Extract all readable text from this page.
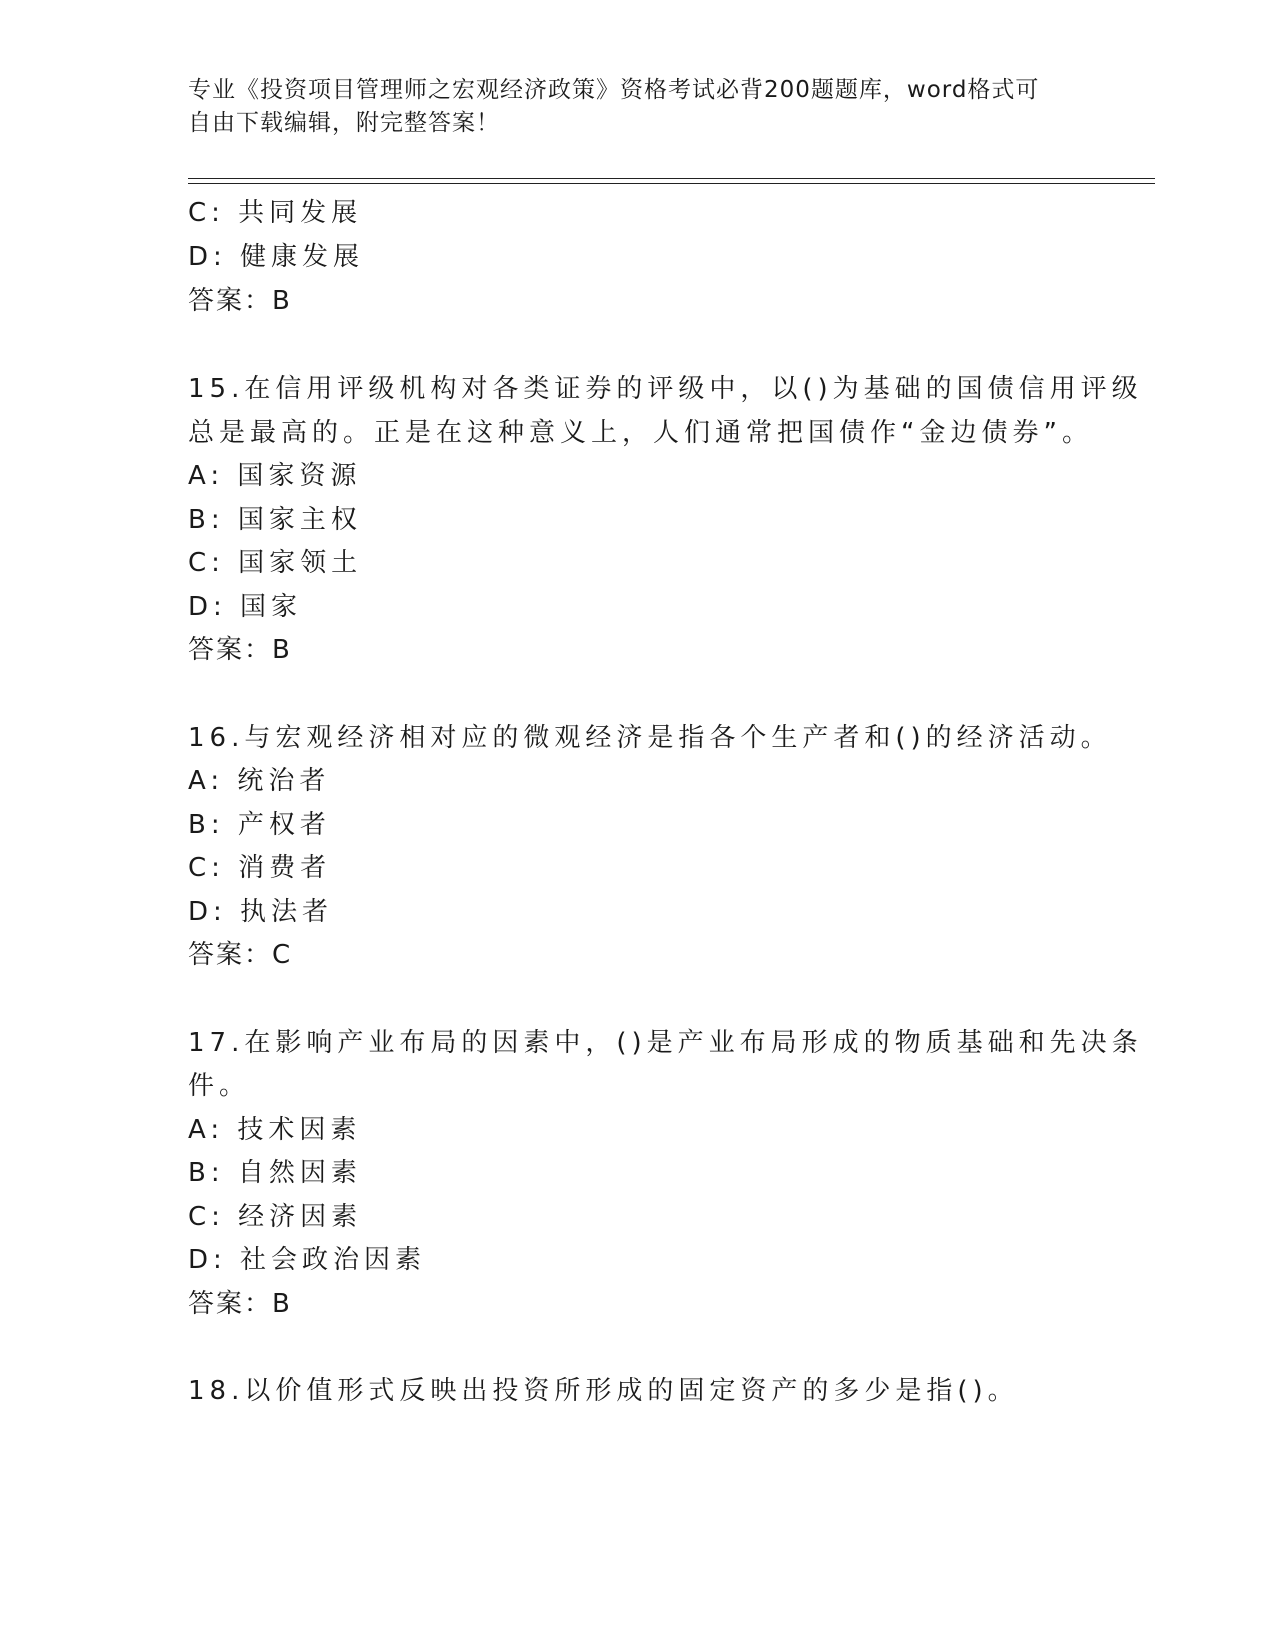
专业《投资项目管理师之宏观经济政策》资格考试必背200题题库，word格式可
自由下载编辑，附完整答案！
C: 共同发展
D: 健康发展
答案：B
15.在信用评级机构对各类证券的评级中，以()为基础的国债信用评级
总是最高的。正是在这种意义上，人们通常把国债作“金边债券”。
A: 国家资源
B: 国家主权
C: 国家领土
D: 国家
答案：B
16.与宏观经济相对应的微观经济是指各个生产者和()的经济活动。
A: 统治者
B: 产权者
C: 消费者
D: 执法者
答案：C
17.在影响产业布局的因素中，()是产业布局形成的物质基础和先决条
件。
A: 技术因素
B: 自然因素
C: 经济因素
D: 社会政治因素
答案：B
18.以价值形式反映出投资所形成的固定资产的多少是指()。
